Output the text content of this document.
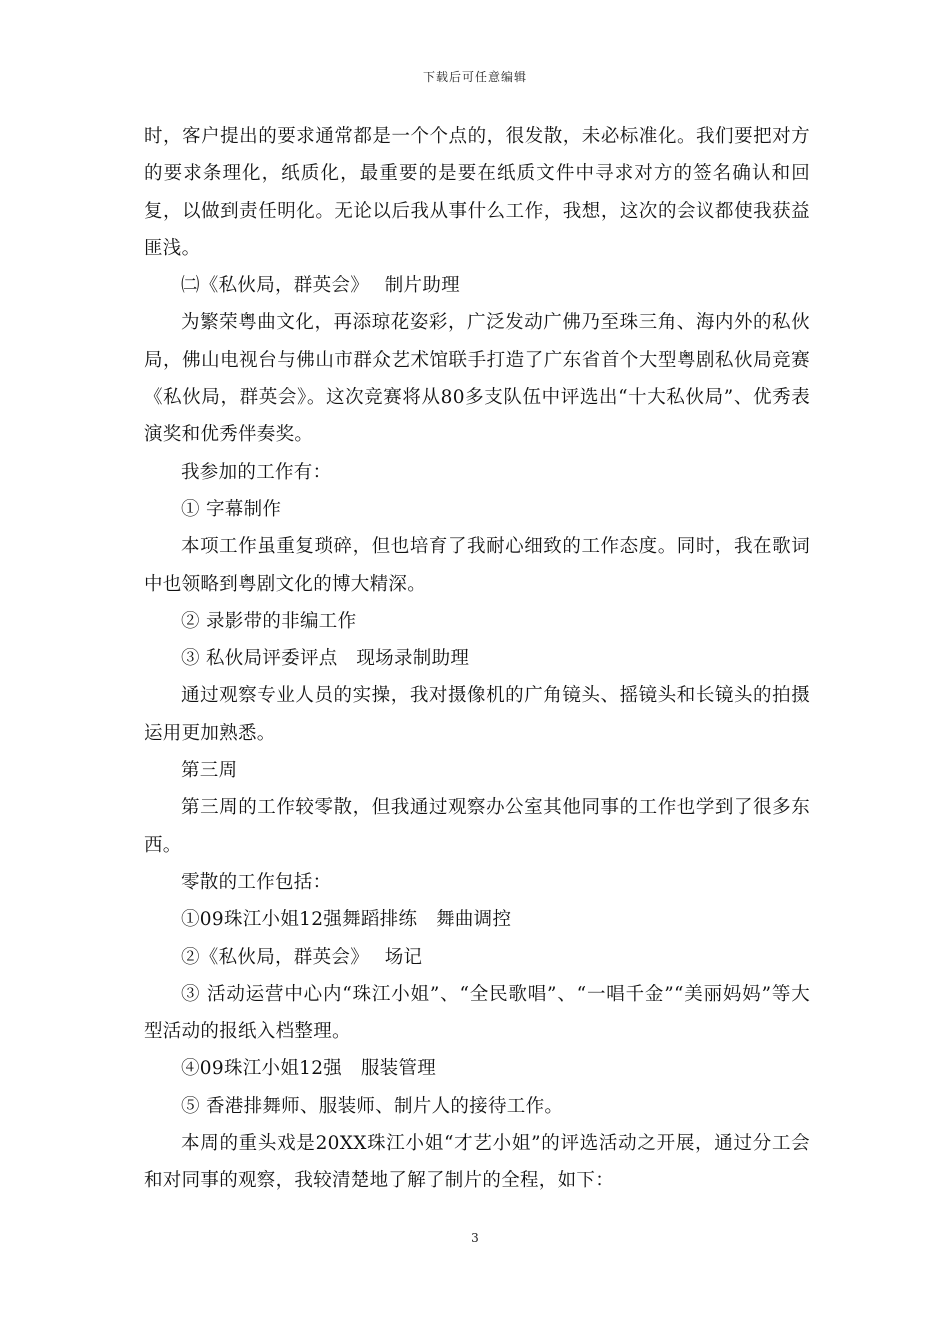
下载后可任意编辑

时，客户提出的要求通常都是一个个点的，很发散，未必标准化。我们要把对方的要求条理化，纸质化，最重要的是要在纸质文件中寻求对方的签名确认和回复，以做到责任明化。无论以后我从事什么工作，我想，这次的会议都使我获益匪浅。

㈡《私伙局，群英会》　 制片助理

为繁荣粤曲文化，再添琼花姿彩，广泛发动广佛乃至珠三角、海内外的私伙局，佛山电视台与佛山市群众艺术馆联手打造了广东省首个大型粤剧私伙局竞赛《私伙局，群英会》。这次竞赛将从80多支队伍中评选出“十大私伙局”、优秀表演奖和优秀伴奏奖。

我参加的工作有：

① 字幕制作

本项工作虽重复琐碎，但也培育了我耐心细致的工作态度。同时，我在歌词中也领略到粤剧文化的博大精深。

② 录影带的非编工作

③ 私伙局评委评点　现场录制助理

通过观察专业人员的实操，我对摄像机的广角镜头、摇镜头和长镜头的拍摄运用更加熟悉。

第三周

第三周的工作较零散，但我通过观察办公室其他同事的工作也学到了很多东西。

零散的工作包括：

①09珠江小姐12强舞蹈排练　舞曲调控

②《私伙局，群英会》　 场记

③ 活动运营中心内“珠江小姐”、“全民歌唱”、“一唱千金”“美丽妈妈”等大型活动的报纸入档整理。

④09珠江小姐12强　服装管理

⑤ 香港排舞师、服装师、制片人的接待工作。

本周的重头戏是20XX珠江小姐“才艺小姐”的评选活动之开展，通过分工会和对同事的观察，我较清楚地了解了制片的全程，如下：

3
